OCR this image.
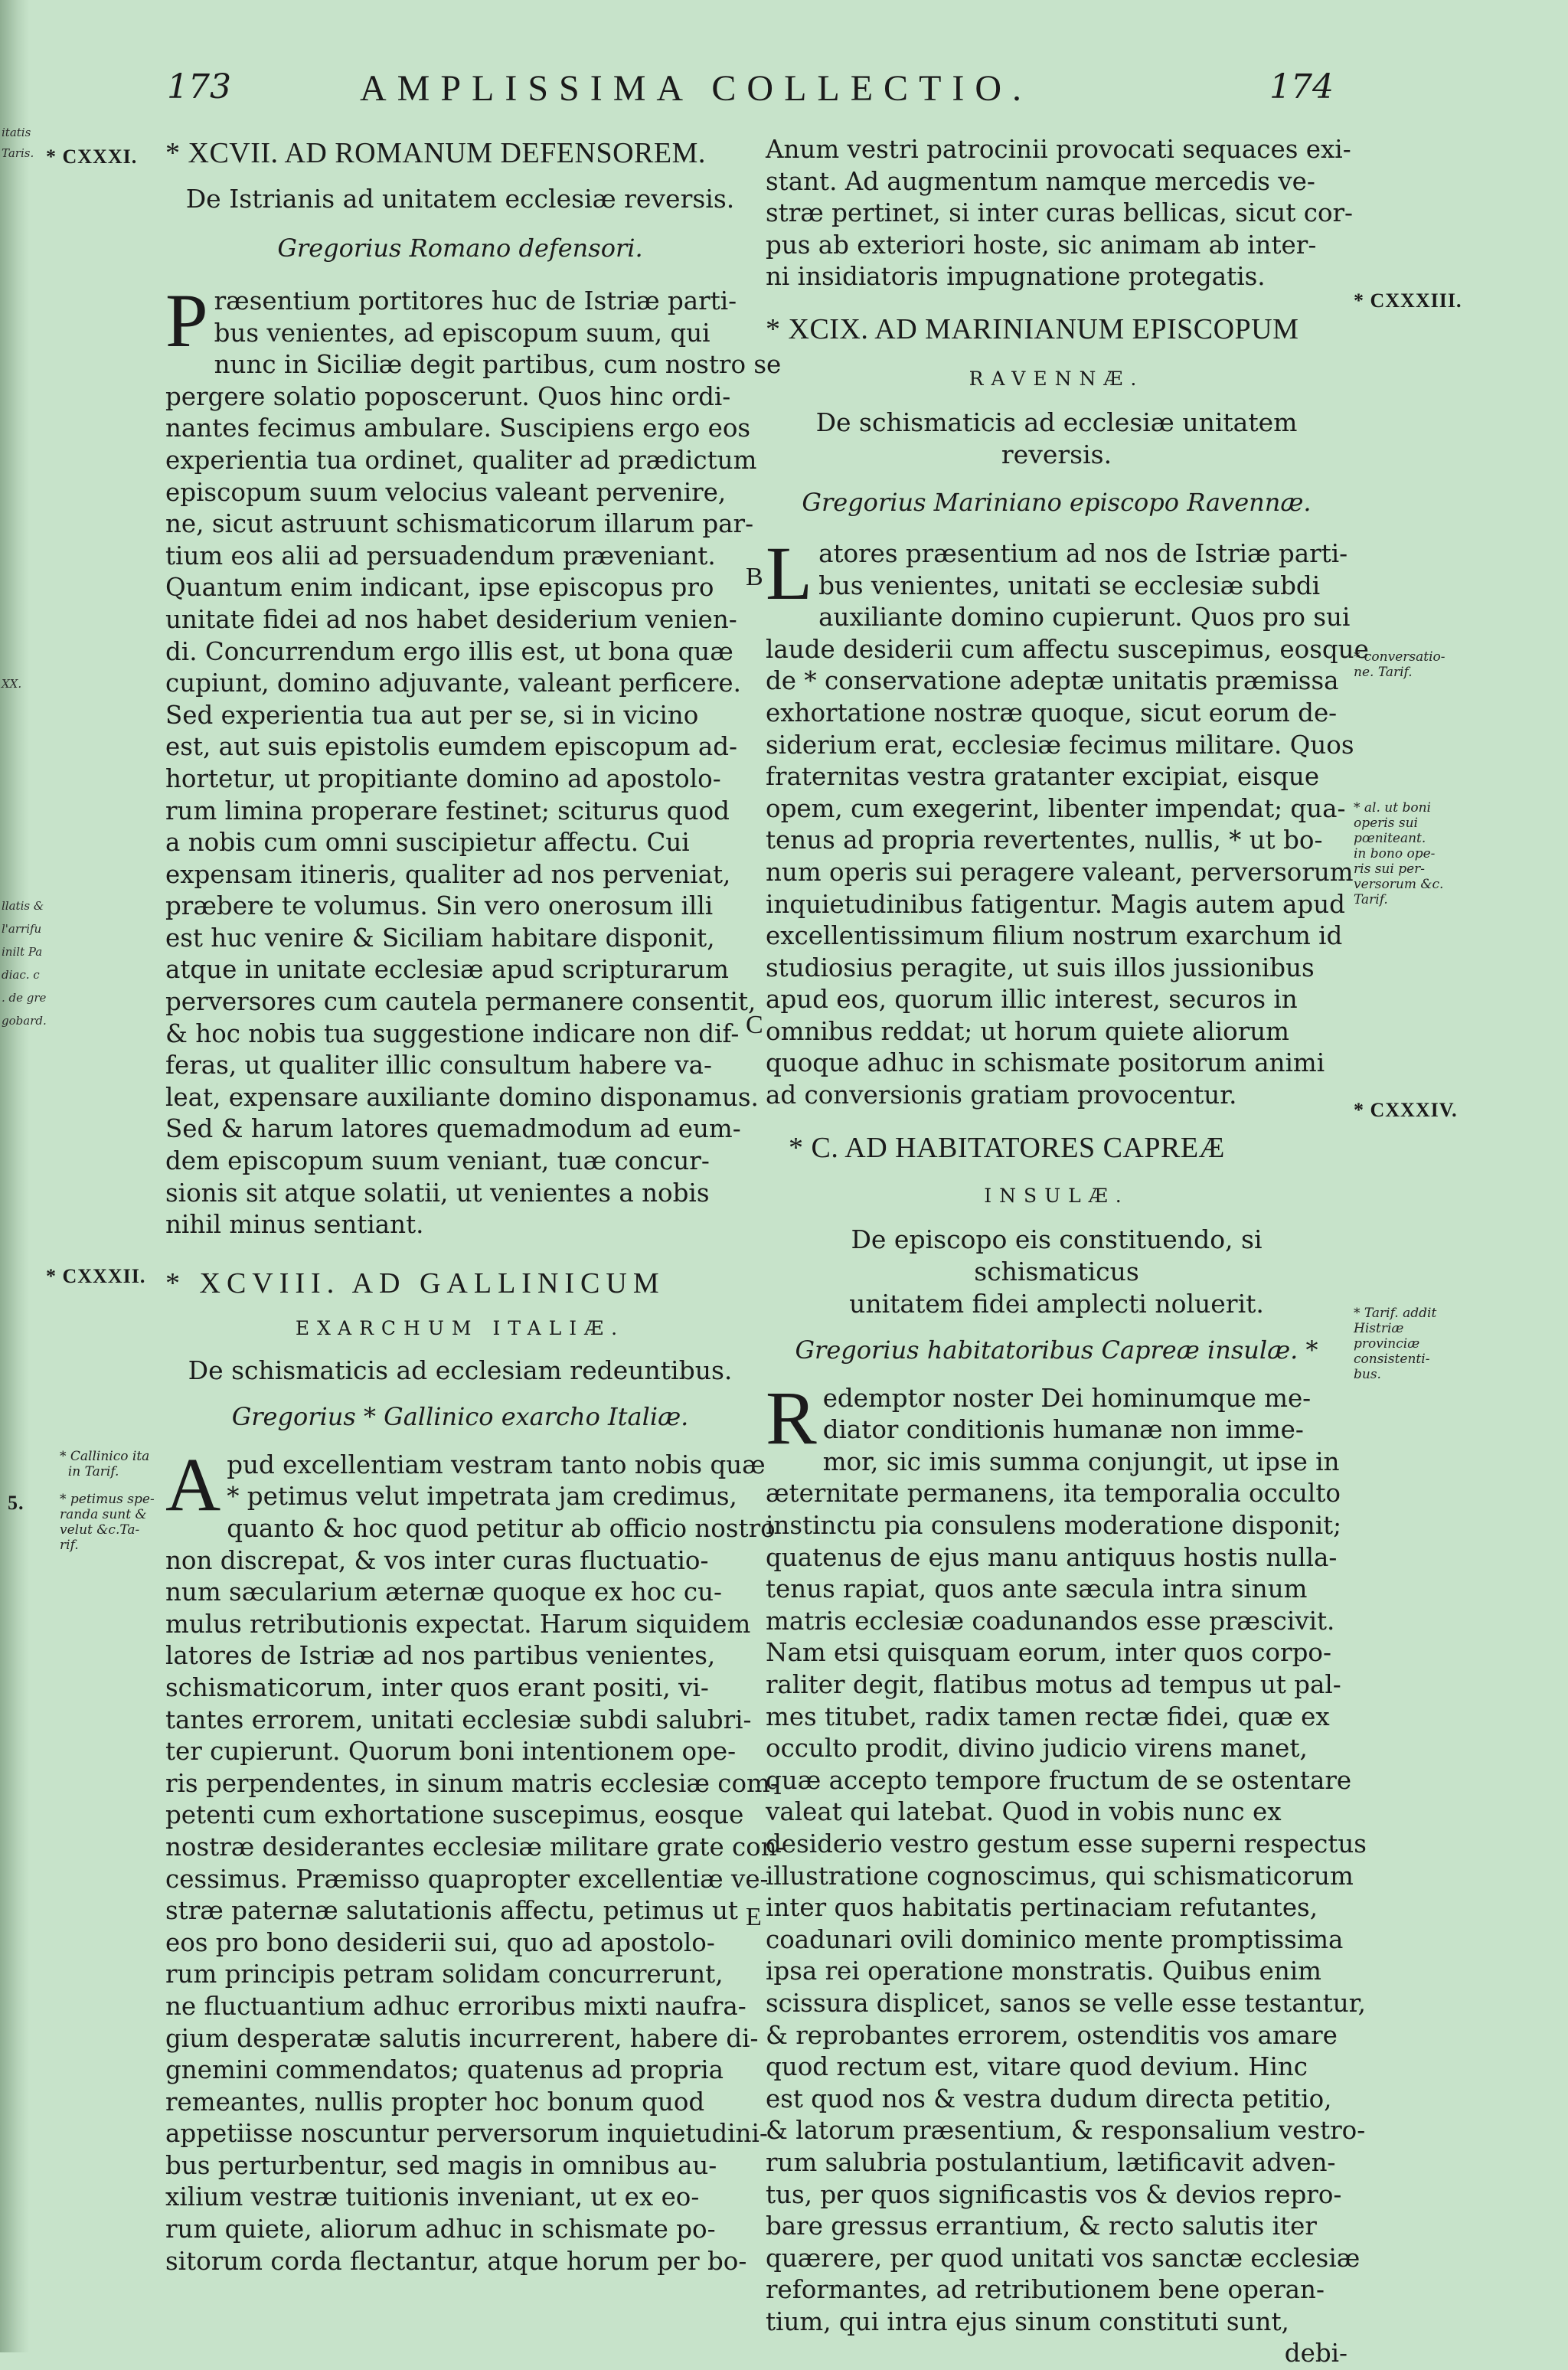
itatis
Taris.
XX.
llatis &
l'arrifu
inilt Pa
diac. c
. de gre
gobard.
173	AMPLISSIMA COLLECTIO.	174
* CXXXI.
* CXXXII.
* CXXXIII.
* CXXXIV.
5.
* Callinico ita
in Tarif.
* petimus spe-
randa sunt &
velut &c.Ta-
rif.
* conversatio-
ne. Tarif.
* al. ut boni
operis sui
pœniteant.
in bono ope-
ris sui per-
versorum &c.
Tarif.
* Tarif. addit
Histriæ
provinciæ
consistenti-
bus.
B
C
E
* XCVII. AD ROMANUM DEFENSOREM.
De Istrianis ad unitatem ecclesiæ reversis.
Gregorius Romano defensori.
P ræsentium portitores huc de Istriæ parti-
bus venientes, ad episcopum suum, qui
nunc in Siciliæ degit partibus, cum nostro se
pergere solatio poposcerunt. Quos hinc ordi-
nantes fecimus ambulare. Suscipiens ergo eos
experientia tua ordinet, qualiter ad prædictum
episcopum suum velocius valeant pervenire,
ne, sicut astruunt schismaticorum illarum par-
tium eos alii ad persuadendum præveniant.
Quantum enim indicant, ipse episcopus pro
unitate fidei ad nos habet desiderium venien-
di. Concurrendum ergo illis est, ut bona quæ
cupiunt, domino adjuvante, valeant perficere.
Sed experientia tua aut per se, si in vicino
est, aut suis epistolis eumdem episcopum ad-
hortetur, ut propitiante domino ad apostolo-
rum limina properare festinet; sciturus quod
a nobis cum omni suscipietur affectu. Cui
expensam itineris, qualiter ad nos perveniat,
præbere te volumus. Sin vero onerosum illi
est huc venire & Siciliam habitare disponit,
atque in unitate ecclesiæ apud scripturarum
perversores cum cautela permanere consentit,
& hoc nobis tua suggestione indicare non dif-
feras, ut qualiter illic consultum habere va-
leat, expensare auxiliante domino disponamus.
Sed & harum latores quemadmodum ad eum-
dem episcopum suum veniant, tuæ concur-
sionis sit atque solatii, ut venientes a nobis
nihil minus sentiant.
* XCVIII. AD GALLINICUM
EXARCHUM ITALIÆ.
De schismaticis ad ecclesiam redeuntibus.
Gregorius * Gallinico exarcho Italiæ.
A pud excellentiam vestram tanto nobis quæ
* petimus velut impetrata jam credimus,
quanto & hoc quod petitur ab officio nostro
non discrepat, & vos inter curas fluctuatio-
num sæcularium æternæ quoque ex hoc cu-
mulus retributionis expectat. Harum siquidem
latores de Istriæ ad nos partibus venientes,
schismaticorum, inter quos erant positi, vi-
tantes errorem, unitati ecclesiæ subdi salubri-
ter cupierunt. Quorum boni intentionem ope-
ris perpendentes, in sinum matris ecclesiæ com-
petenti cum exhortatione suscepimus, eosque
nostræ desiderantes ecclesiæ militare grate con-
cessimus. Præmisso quapropter excellentiæ ve-
stræ paternæ salutationis affectu, petimus ut
eos pro bono desiderii sui, quo ad apostolo-
rum principis petram solidam concurrerunt,
ne fluctuantium adhuc erroribus mixti naufra-
gium desperatæ salutis incurrerent, habere di-
gnemini commendatos; quatenus ad propria
remeantes, nullis propter hoc bonum quod
appetiisse noscuntur perversorum inquietudini-
bus perturbentur, sed magis in omnibus au-
xilium vestræ tuitionis inveniant, ut ex eo-
rum quiete, aliorum adhuc in schismate po-
sitorum corda flectantur, atque horum per bo-
Anum vestri patrocinii provocati sequaces exi-
stant. Ad augmentum namque mercedis ve-
stræ pertinet, si inter curas bellicas, sicut cor-
pus ab exteriori hoste, sic animam ab inter-
ni insidiatoris impugnatione protegatis.
* XCIX. AD MARINIANUM EPISCOPUM
RAVENNÆ.
De schismaticis ad ecclesiæ unitatem reversis.
Gregorius Mariniano episcopo Ravennæ.
L atores præsentium ad nos de Istriæ parti-
bus venientes, unitati se ecclesiæ subdi
auxiliante domino cupierunt. Quos pro sui
laude desiderii cum affectu suscepimus, eosque
de * conservatione adeptæ unitatis præmissa
exhortatione nostræ quoque, sicut eorum de-
siderium erat, ecclesiæ fecimus militare. Quos
fraternitas vestra gratanter excipiat, eisque
opem, cum exegerint, libenter impendat; qua-
tenus ad propria revertentes, nullis, * ut bo-
num operis sui peragere valeant, perversorum
inquietudinibus fatigentur. Magis autem apud
excellentissimum filium nostrum exarchum id
studiosius peragite, ut suis illos jussionibus
apud eos, quorum illic interest, securos in
omnibus reddat; ut horum quiete aliorum
quoque adhuc in schismate positorum animi
ad conversionis gratiam provocentur.
* C. AD HABITATORES CAPREÆ
INSULÆ.
De episcopo eis constituendo, si schismaticus
unitatem fidei amplecti noluerit.
Gregorius habitatoribus Capreæ insulæ. *
R edemptor noster Dei hominumque me-
diator conditionis humanæ non imme-
mor, sic imis summa conjungit, ut ipse in
æternitate permanens, ita temporalia occulto
instinctu pia consulens moderatione disponit;
quatenus de ejus manu antiquus hostis nulla-
tenus rapiat, quos ante sæcula intra sinum
matris ecclesiæ coadunandos esse præscivit.
Nam etsi quisquam eorum, inter quos corpo-
raliter degit, flatibus motus ad tempus ut pal-
mes titubet, radix tamen rectæ fidei, quæ ex
occulto prodit, divino judicio virens manet,
quæ accepto tempore fructum de se ostentare
valeat qui latebat. Quod in vobis nunc ex
desiderio vestro gestum esse superni respectus
illustratione cognoscimus, qui schismaticorum
inter quos habitatis pertinaciam refutantes,
coadunari ovili dominico mente promptissima
ipsa rei operatione monstratis. Quibus enim
scissura displicet, sanos se velle esse testantur,
& reprobantes errorem, ostenditis vos amare
quod rectum est, vitare quod devium. Hinc
est quod nos & vestra dudum directa petitio,
& latorum præsentium, & responsalium vestro-
rum salubria postulantium, lætificavit adven-
tus, per quos significastis vos & devios repro-
bare gressus errantium, & recto salutis iter
quærere, per quod unitati vos sanctæ ecclesiæ
reformantes, ad retributionem bene operan-
tium, qui intra ejus sinum constituti sunt,
debi-
